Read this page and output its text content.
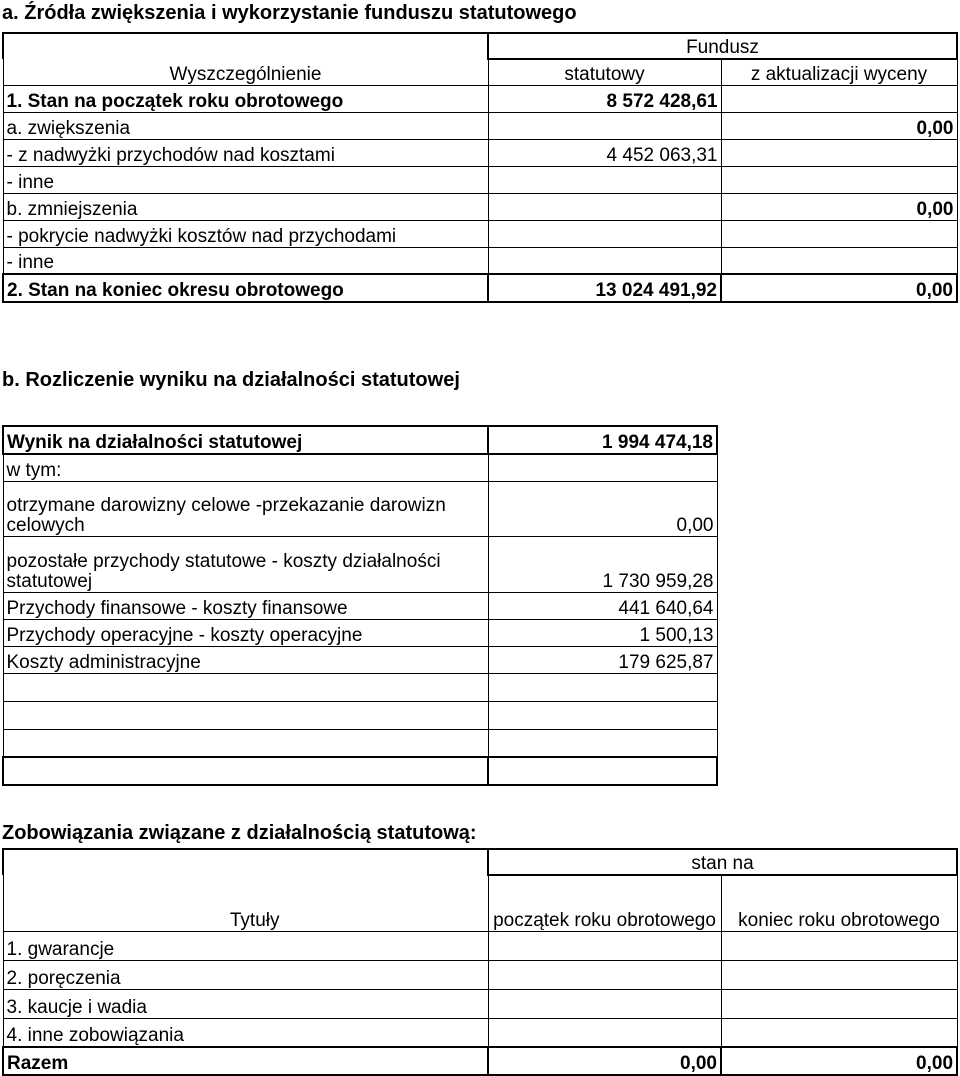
a. Źródła zwiększenia i wykorzystanie funduszu statutowego
	Fundusz	
Wyszczególnienie	statutowy	z aktualizacji wyceny
1. Stan na początek roku obrotowego	8 572 428,61	
a. zwiększenia		0,00
- z nadwyżki przychodów nad kosztami	4 452 063,31	
- inne		
b. zmniejszenia		0,00
- pokrycie nadwyżki kosztów nad przychodami		
- inne		
2. Stan na koniec okresu obrotowego	13 024 491,92	0,00
b. Rozliczenie wyniku na działalności statutowej
Wynik na działalności statutowej	1 994 474,18
w tym:	
otrzymane darowizny celowe -przekazanie darowizn celowych	0,00
pozostałe przychody statutowe - koszty działalności statutowej	1 730 959,28
Przychody finansowe - koszty finansowe	441 640,64
Przychody operacyjne - koszty operacyjne	1 500,13
Koszty administracyjne	179 625,87

Zobowiązania związane z działalnością statutową:
	stan na	
Tytuły	początek roku obrotowego	koniec roku obrotowego
1. gwarancje		
2. poręczenia		
3. kaucje i wadia		
4. inne zobowiązania		
Razem	0,00	0,00
